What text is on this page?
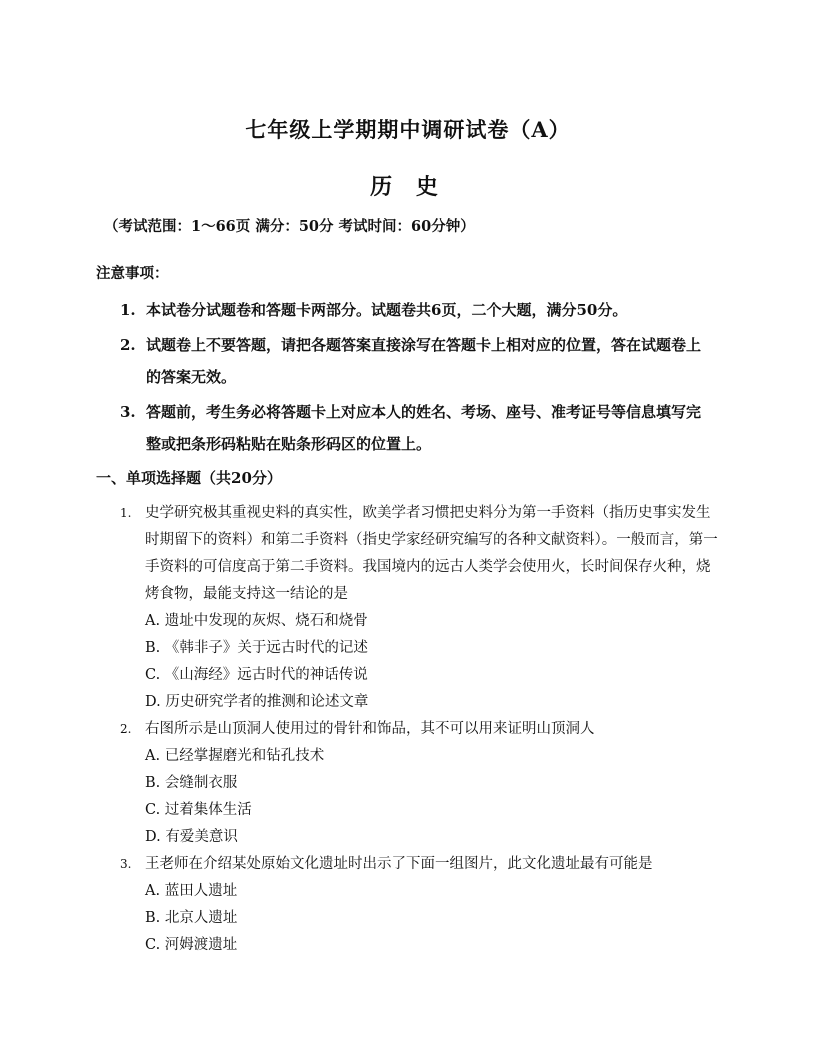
七年级上学期期中调研试卷（A）
历 史
（考试范围：1～66页 满分：50分 考试时间：60分钟）
注意事项：
1. 本试卷分试题卷和答题卡两部分。试题卷共6页，二个大题，满分50分。
2. 试题卷上不要答题，请把各题答案直接涂写在答题卡上相对应的位置，答在试题卷上的答案无效。
3. 答题前，考生务必将答题卡上对应本人的姓名、考场、座号、准考证号等信息填写完整或把条形码粘贴在贴条形码区的位置上。
一、单项选择题（共20分）
1. 史学研究极其重视史料的真实性，欧美学者习惯把史料分为第一手资料（指历史事实发生时期留下的资料）和第二手资料（指史学家经研究编写的各种文献资料）。一般而言，第一手资料的可信度高于第二手资料。我国境内的远古人类学会使用火，长时间保存火种，烧烤食物，最能支持这一结论的是
A. 遗址中发现的灰烬、烧石和烧骨
B. 《韩非子》关于远古时代的记述
C. 《山海经》远古时代的神话传说
D. 历史研究学者的推测和论述文章
2. 右图所示是山顶洞人使用过的骨针和饰品，其不可以用来证明山顶洞人
A. 已经掌握磨光和钻孔技术
B. 会缝制衣服
C. 过着集体生活
D. 有爱美意识
3. 王老师在介绍某处原始文化遗址时出示了下面一组图片，此文化遗址最有可能是
A. 蓝田人遗址
B. 北京人遗址
C. 河姆渡遗址
